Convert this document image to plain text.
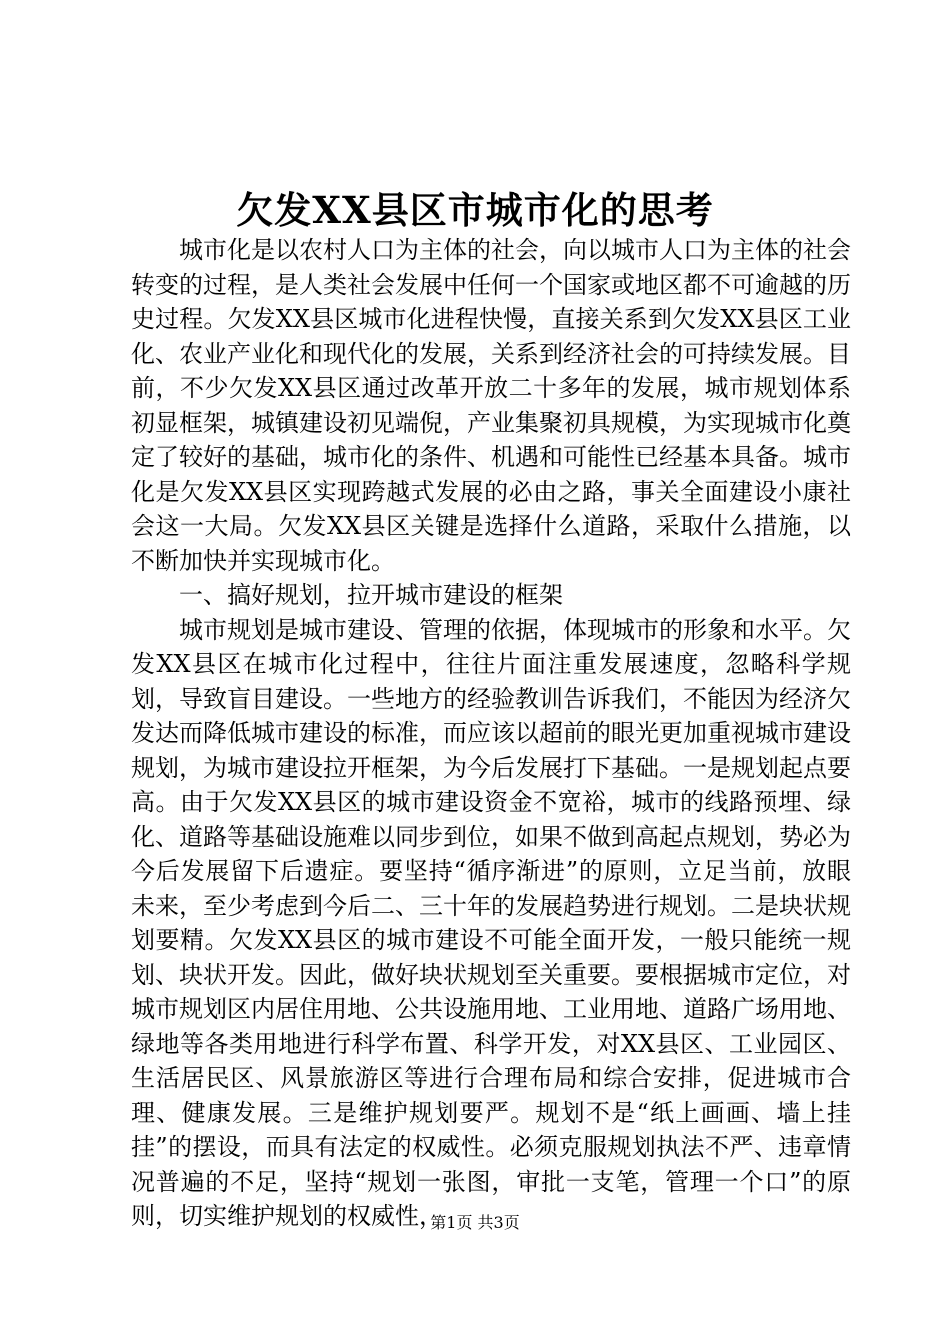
欠发XX县区市城市化的思考

城市化是以农村人口为主体的社会，向以城市人口为主体的社会转变的过程，是人类社会发展中任何一个国家或地区都不可逾越的历史过程。欠发XX县区城市化进程快慢，直接关系到欠发XX县区工业化、农业产业化和现代化的发展，关系到经济社会的可持续发展。目前，不少欠发XX县区通过改革开放二十多年的发展，城市规划体系初显框架，城镇建设初见端倪，产业集聚初具规模，为实现城市化奠定了较好的基础，城市化的条件、机遇和可能性已经基本具备。城市化是欠发XX县区实现跨越式发展的必由之路，事关全面建设小康社会这一大局。欠发XX县区关键是选择什么道路，采取什么措施，以不断加快并实现城市化。

一、搞好规划，拉开城市建设的框架

城市规划是城市建设、管理的依据，体现城市的形象和水平。欠发XX县区在城市化过程中，往往片面注重发展速度，忽略科学规划，导致盲目建设。一些地方的经验教训告诉我们，不能因为经济欠发达而降低城市建设的标准，而应该以超前的眼光更加重视城市建设规划，为城市建设拉开框架，为今后发展打下基础。一是规划起点要高。由于欠发XX县区的城市建设资金不宽裕，城市的线路预埋、绿化、道路等基础设施难以同步到位，如果不做到高起点规划，势必为今后发展留下后遗症。要坚持“循序渐进”的原则，立足当前，放眼未来，至少考虑到今后二、三十年的发展趋势进行规划。二是块状规划要精。欠发XX县区的城市建设不可能全面开发，一般只能统一规划、块状开发。因此，做好块状规划至关重要。要根据城市定位，对城市规划区内居住用地、公共设施用地、工业用地、道路广场用地、绿地等各类用地进行科学布置、科学开发，对XX县区、工业园区、生活居民区、风景旅游区等进行合理布局和综合安排，促进城市合理、健康发展。三是维护规划要严。规划不是“纸上画画、墙上挂挂”的摆设，而具有法定的权威性。必须克服规划执法不严、违章情况普遍的不足，坚持“规划一张图，审批一支笔，管理一个口”的原则，切实维护规划的权威性，

第1页 共3页
